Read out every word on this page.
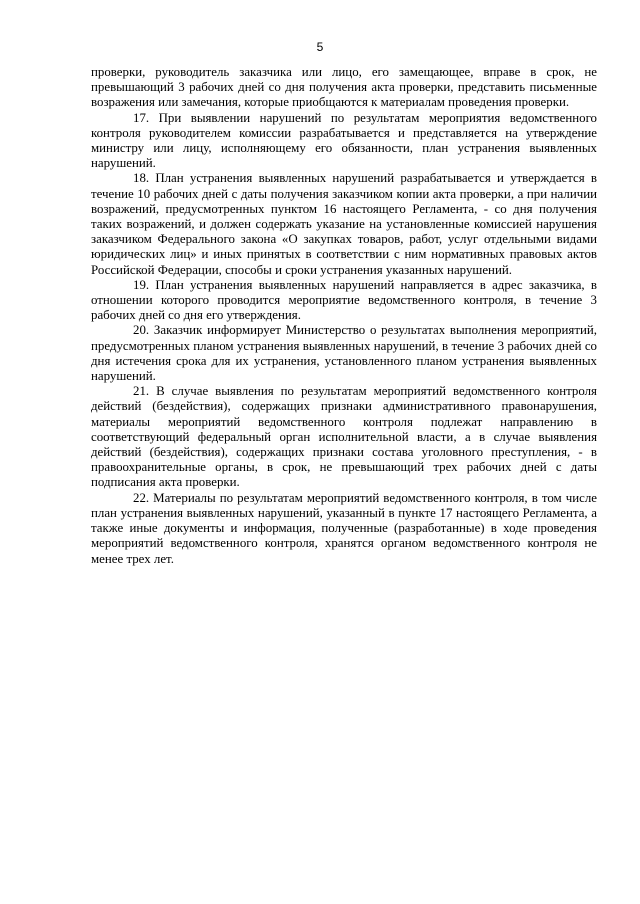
5

проверки, руководитель заказчика или лицо, его замещающее, вправе в срок, не превышающий 3 рабочих дней со дня получения акта проверки, представить письменные возражения или замечания, которые приобщаются к материалам проведения проверки.

17. При выявлении нарушений по результатам мероприятия ведомственного контроля руководителем комиссии разрабатывается и представляется на утверждение министру или лицу, исполняющему его обязанности, план устранения выявленных нарушений.

18. План устранения выявленных нарушений разрабатывается и утверждается в течение 10 рабочих дней с даты получения заказчиком копии акта проверки, а при наличии возражений, предусмотренных пунктом 16 настоящего Регламента, - со дня получения таких возражений, и должен содержать указание на установленные комиссией нарушения заказчиком Федерального закона «О закупках товаров, работ, услуг отдельными видами юридических лиц» и иных принятых в соответствии с ним нормативных правовых актов Российской Федерации, способы и сроки устранения указанных нарушений.

19. План устранения выявленных нарушений направляется в адрес заказчика, в отношении которого проводится мероприятие ведомственного контроля, в течение 3 рабочих дней со дня его утверждения.

20. Заказчик информирует Министерство о результатах выполнения мероприятий, предусмотренных планом устранения выявленных нарушений, в течение 3 рабочих дней со дня истечения срока для их устранения, установленного планом устранения выявленных нарушений.

21. В случае выявления по результатам мероприятий ведомственного контроля действий (бездействия), содержащих признаки административного правонарушения, материалы мероприятий ведомственного контроля подлежат направлению в соответствующий федеральный орган исполнительной власти, а в случае выявления действий (бездействия), содержащих признаки состава уголовного преступления, - в правоохранительные органы, в срок, не превышающий трех рабочих дней с даты подписания акта проверки.

22. Материалы по результатам мероприятий ведомственного контроля, в том числе план устранения выявленных нарушений, указанный в пункте 17 настоящего Регламента, а также иные документы и информация, полученные (разработанные) в ходе проведения мероприятий ведомственного контроля, хранятся органом ведомственного контроля не менее трех лет.
